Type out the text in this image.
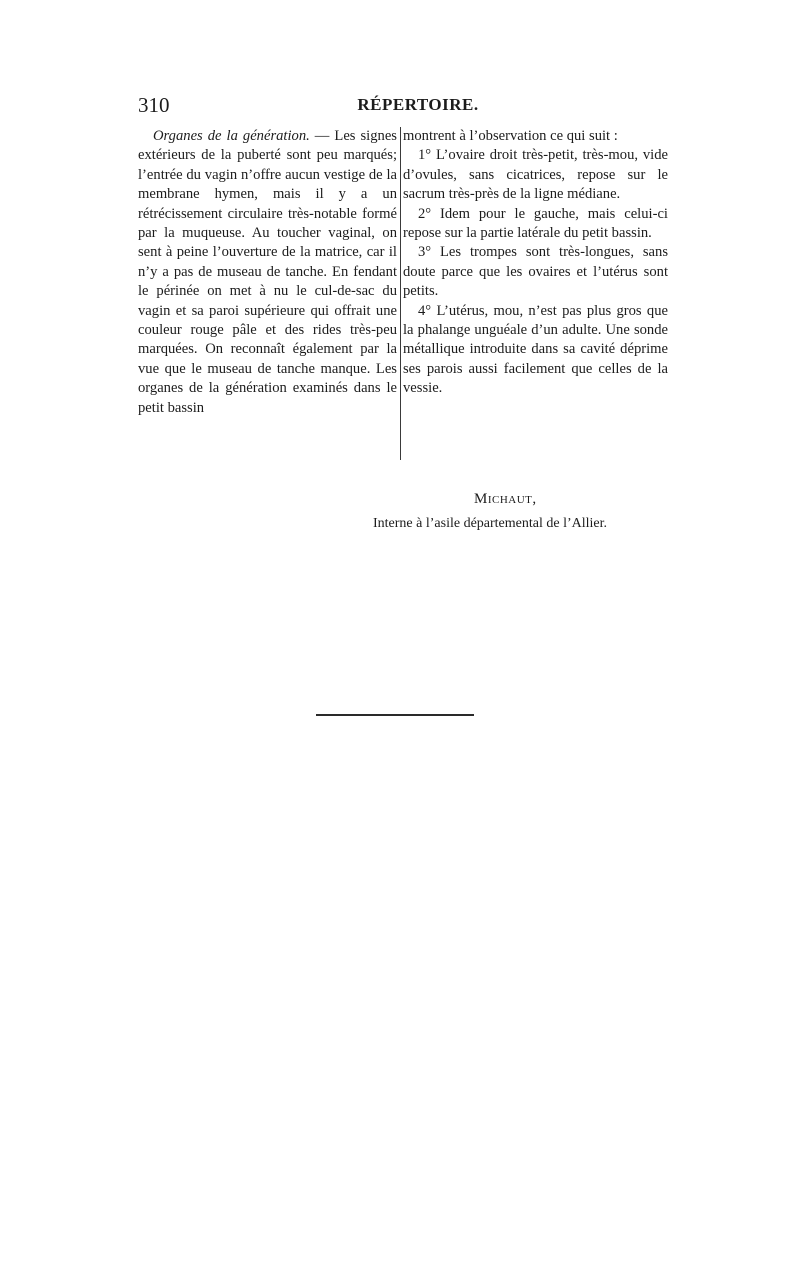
310	RÉPERTOIRE.

Organes de la génération. — Les signes extérieurs de la puberté sont peu marqués; l’entrée du vagin n’offre aucun vestige de la membrane hymen, mais il y a un rétrécissement circulaire très-notable formé par la muqueuse. Au toucher vaginal, on sent à peine l’ouverture de la matrice, car il n’y a pas de museau de tanche. En fendant le périnée on met à nu le cul-de-sac du vagin et sa paroi supérieure qui offrait une couleur rouge pâle et des rides très-peu marquées. On reconnaît également par la vue que le museau de tanche manque. Les organes de la génération examinés dans le petit bassin

montrent à l’observation ce qui suit :

1° L’ovaire droit très-petit, très-mou, vide d’ovules, sans cicatrices, repose sur le sacrum très-près de la ligne médiane.

2° Idem pour le gauche, mais celui-ci repose sur la partie latérale du petit bassin.

3° Les trompes sont très-longues, sans doute parce que les ovaires et l’utérus sont petits.

4° L’utérus, mou, n’est pas plus gros que la phalange unguéale d’un adulte. Une sonde métallique introduite dans sa cavité déprime ses parois aussi facilement que celles de la vessie.

Michaut,
Interne à l’asile départemental de l’Allier.
